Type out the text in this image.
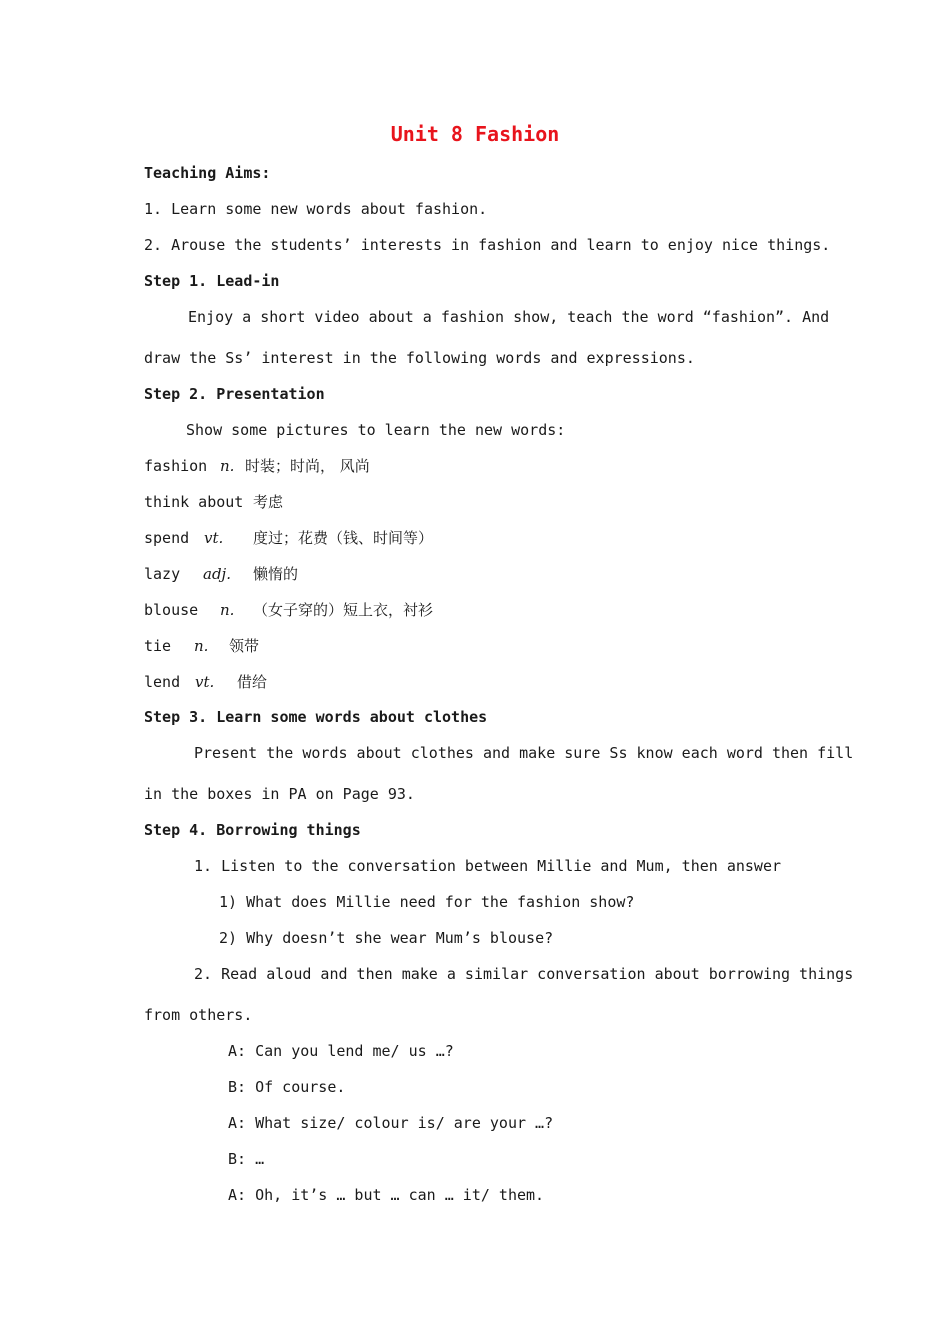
Unit 8 Fashion
Teaching Aims:
1. Learn some new words about fashion.
2. Arouse the students’ interests in fashion and learn to enjoy nice things.
Step 1. Lead-in
Enjoy a short video about a fashion show, teach the word “fashion”. And
draw the Ss’ interest in the following words and expressions.
Step 2. Presentation
Show some pictures to learn the new words:
fashion n. 时装；时尚， 风尚
think about 考虑
spend vt. 度过；花费（钱、时间等）
lazy adj. 懒惰的
blouse n. （女子穿的）短上衣，衬衫
tie n. 领带
lend vt. 借给
Step 3. Learn some words about clothes
Present the words about clothes and make sure Ss know each word then fill
in the boxes in PA on Page 93.
Step 4. Borrowing things
1. Listen to the conversation between Millie and Mum, then answer
1) What does Millie need for the fashion show?
2) Why doesn’t she wear Mum’s blouse?
2. Read aloud and then make a similar conversation about borrowing things
from others.
A: Can you lend me/ us …?
B: Of course.
A: What size/ colour is/ are your …?
B: …
A: Oh, it’s … but … can … it/ them.
